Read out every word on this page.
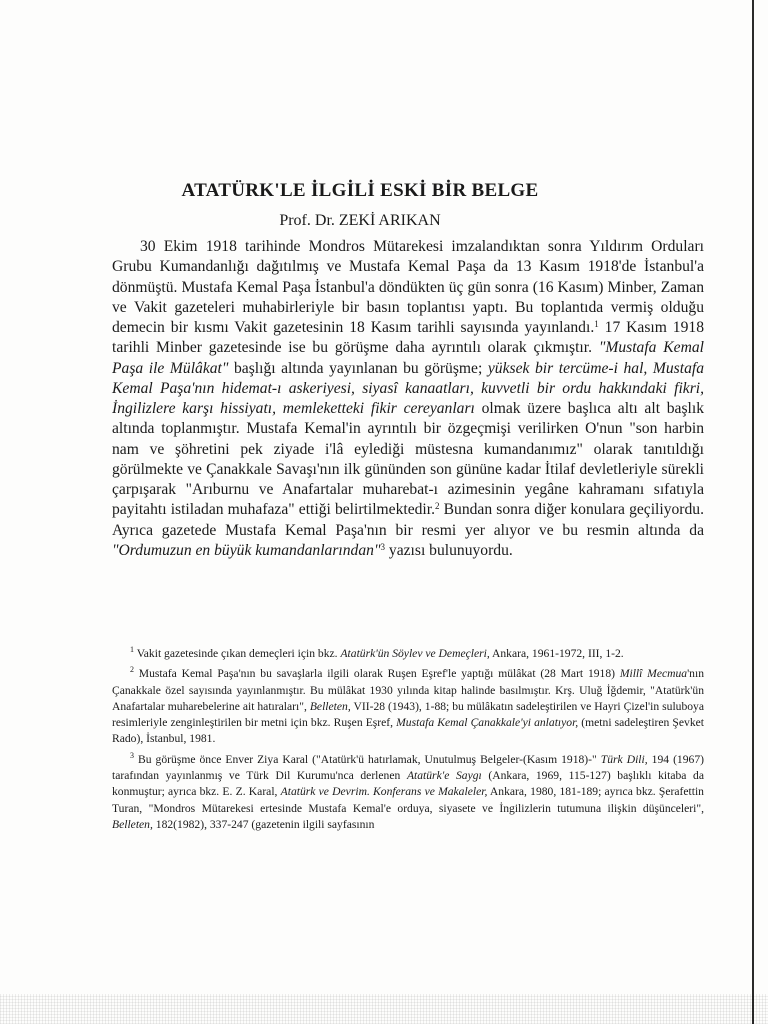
ATATÜRK'LE İLGİLİ ESKİ BİR BELGE
Prof. Dr. ZEKİ ARIKAN

30 Ekim 1918 tarihinde Mondros Mütarekesi imzalandıktan sonra Yıldırım Orduları Grubu Kumandanlığı dağıtılmış ve Mustafa Kemal Paşa da 13 Kasım 1918'de İstanbul'a dönmüştü. Mustafa Kemal Paşa İstanbul'a döndükten üç gün sonra (16 Kasım) Minber, Zaman ve Vakit gazeteleri muhabirleriyle bir basın toplantısı yaptı. Bu toplantıda vermiş olduğu demecin bir kısmı Vakit gazetesinin 18 Kasım tarihli sayısında yayınlandı.$^1$ 17 Kasım 1918 tarihli Minber gazetesinde ise bu görüşme daha ayrıntılı olarak çıkmıştır. "Mustafa Kemal Paşa ile Mülâkat" başlığı altında yayınlanan bu görüşme; yüksek bir tercüme-i hal, Mustafa Kemal Paşa'nın hidemat-ı askeriyesi, siyasî kanaatları, kuvvetli bir ordu hakkındaki fikri, İngilizlere karşı hissiyatı, memleketteki fikir cereyanları olmak üzere başlıca altı alt başlık altında toplanmıştır. Mustafa Kemal'in ayrıntılı bir özgeçmişi verilirken O'nun "son harbin nam ve şöhretini pek ziyade i'lâ eylediği müstesna kumandanımız" olarak tanıtıldığı görülmekte ve Çanakkale Savaşı'nın ilk gününden son gününe kadar İtilaf devletleriyle sürekli çarpışarak "Arıburnu ve Anafartalar muharebat-ı azimesinin yegâne kahramanı sıfatıyla payitahtı istiladan muhafaza" ettiği belirtilmektedir.$^2$ Bundan sonra diğer konulara geçiliyordu. Ayrıca gazetede Mustafa Kemal Paşa'nın bir resmi yer alıyor ve bu resmin altında da "Ordumuzun en büyük kumandanlarından"$^3$ yazısı bulunuyordu.

$^1$ Vakit gazetesinde çıkan demeçleri için bkz. Atatürk'ün Söylev ve Demeçleri, Ankara, 1961-1972, III, 1-2.

$^2$ Mustafa Kemal Paşa'nın bu savaşlarla ilgili olarak Ruşen Eşref'le yaptığı mülâkat (28 Mart 1918) Millî Mecmua'nın Çanakkale özel sayısında yayınlanmıştır. Bu mülâkat 1930 yılında kitap halinde basılmıştır. Krş. Uluğ İğdemir, "Atatürk'ün Anafartalar muharebelerine ait hatıraları", Belleten, VII-28 (1943), 1-88; bu mülâkatın sadeleştirilen ve Hayri Çizel'in suluboya resimleriyle zenginleştirilen bir metni için bkz. Ruşen Eşref, Mustafa Kemal Çanakkale'yi anlatıyor, (metni sadeleştiren Şevket Rado), İstanbul, 1981.

$^3$ Bu görüşme önce Enver Ziya Karal ("Atatürk'ü hatırlamak, Unutulmuş Belgeler-(Kasım 1918)-" Türk Dili, 194 (1967) tarafından yayınlanmış ve Türk Dil Kurumu'nca derlenen Atatürk'e Saygı (Ankara, 1969, 115-127) başlıklı kitaba da konmuştur; ayrıca bkz. E. Z. Karal, Atatürk ve Devrim. Konferans ve Makaleler, Ankara, 1980, 181-189; ayrıca bkz. Şerafettin Turan, "Mondros Mütarekesi ertesinde Mustafa Kemal'e orduya, siyasete ve İngilizlerin tutumuna ilişkin düşünceleri", Belleten, 182(1982), 337-247 (gazetenin ilgili sayfasının
